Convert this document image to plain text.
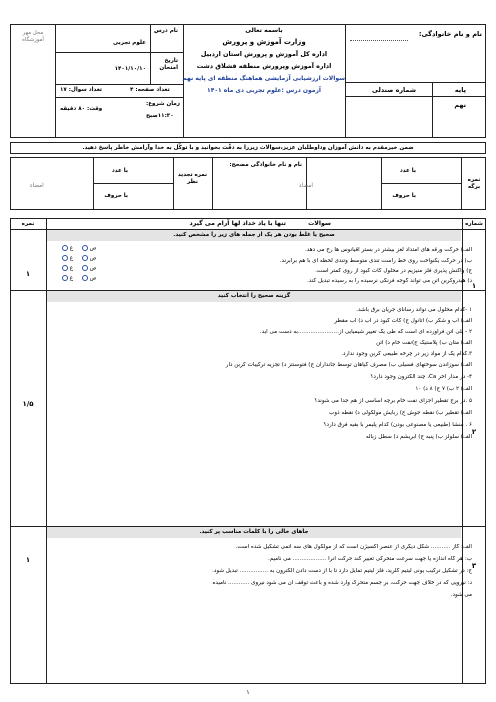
نام و نام خانوادگی:
پایه
شماره صندلی
نهم
باسمه تعالی
وزارت آموزش و پرورش
اداره کل آموزش و پرورش استان اردبیل
اداره آموزش وپرورش منطقه قشلاق دشت
سوالات ارزشیابی آزمایشی هماهنگ منطقه ای پایه نهم
آزمون درس :علوم تجربی دی ماه ۱۴۰۱
نام درس
علوم تجربی
تاریخ امتحان
۱۴۰۱/۱۰/۱۰
تعداد سوال: ۱۷	تعداد صفحه: ۴
زمان شروع:
۱۱:۳۰صبح
وقت: ۸۰ دقیقه
محل مهر آموزشگاه
ضمن خیرمقدم به دانش آموزان وداوطلبان عزیز،سوالات زیررا به دقّت بخوانید و با توکّل به خدا وآرامش خاطر پاسخ دهید.
نمره برگه
با عدد
با حروف
امضاء
نام و نام خانوادگی مصحح:
نمره تجدید نظر
با عدد
با حروف
امضاء
شماره
سوالات
تنها با یاد خداد لها آرام می گیرد
نمره
۱
۱
صحیح یا غلط بودن هر یک از جمله های زیر را مشخص کنید.
الف) حرکت ورقه های امتداد لغز بیشتر در بستر اقیانوس ها رخ می دهد.
ب) در حرکت یکنواخت روی خط راست تندی متوسط وتندی لحظه ای با هم برابرند.
ج) واکنش پذیری فلز منیزیم در محلول کات کبود از روی کمتر است.
د) هیدروکربن اتن می تواند گوجه فرنگی نرسیده را به رسیده تبدیل کند.
ص      غ
ص      غ
ص      غ
ص      غ
۲
۱/۵
گزینه صحیح را انتخاب کنید
۱ -کدام محلول می تواند رسانای جریان برق باشد.
الف) آب و شکر ب) اتانول ج) کات کبود در آب د) آب مقطر
۲ - پلی اتن فراورده ای است که طی یک تغییر شیمیایی از.......................به دست می آید.
الف) متان ب) پلاستیک ج)نفت خام د) اتن
۳.کدام یک از مواد زیر در چرخه طبیعی کربن وجود ندارد.
الف) سوزاندن سوختهای فسیلی ب) مصرف گیاهان توسط جانداران ج) فتوسنتز د) تجزیه ترکیبات کربن دار
۴- در مدار آخر Ca، چند الکترون وجود دارد؟
الف) ۲ ب) ۷ ج) ۸ د) ۱۰
۵ .در برج تقطیر اجزای نفت خام برچه اساسی از هم جدا می شوند؟
الف) تقطیر ب) نقطه جوش ج) ربایش مولکولی د) نقطه ذوب
۶ . منشا (طبیعی یا مصنوعی بودن) کدام پلیمر با بقیه فرق دارد؟
الف) سلولز ب) پنبه ج) ابریشم د) سطل زباله
۳
۱
جاهای خالی را با کلمات مناسب پر کنید.
الف: گاز ........... شکل دیگری از عنصر اکسیژن است که از مولکول های سه اتمی تشکیل شده است.
ب: هر گاه اندازه یا جهت سرعت متحرکی تغییر کند حرکت آنرا ................... می نامیم.
ج: در تشکیل ترکیب یونی لیتیم کلرید، فلز لیتیم تمایل دارد تا با از دست دادن الکترون به ................ تبدیل شود.
د: نیرویی که در خلاف جهت حرکت، بر جسم متحرک وارد شده و باعث توقف آن می شود نیروی ............ نامیده
می شود.
۱
